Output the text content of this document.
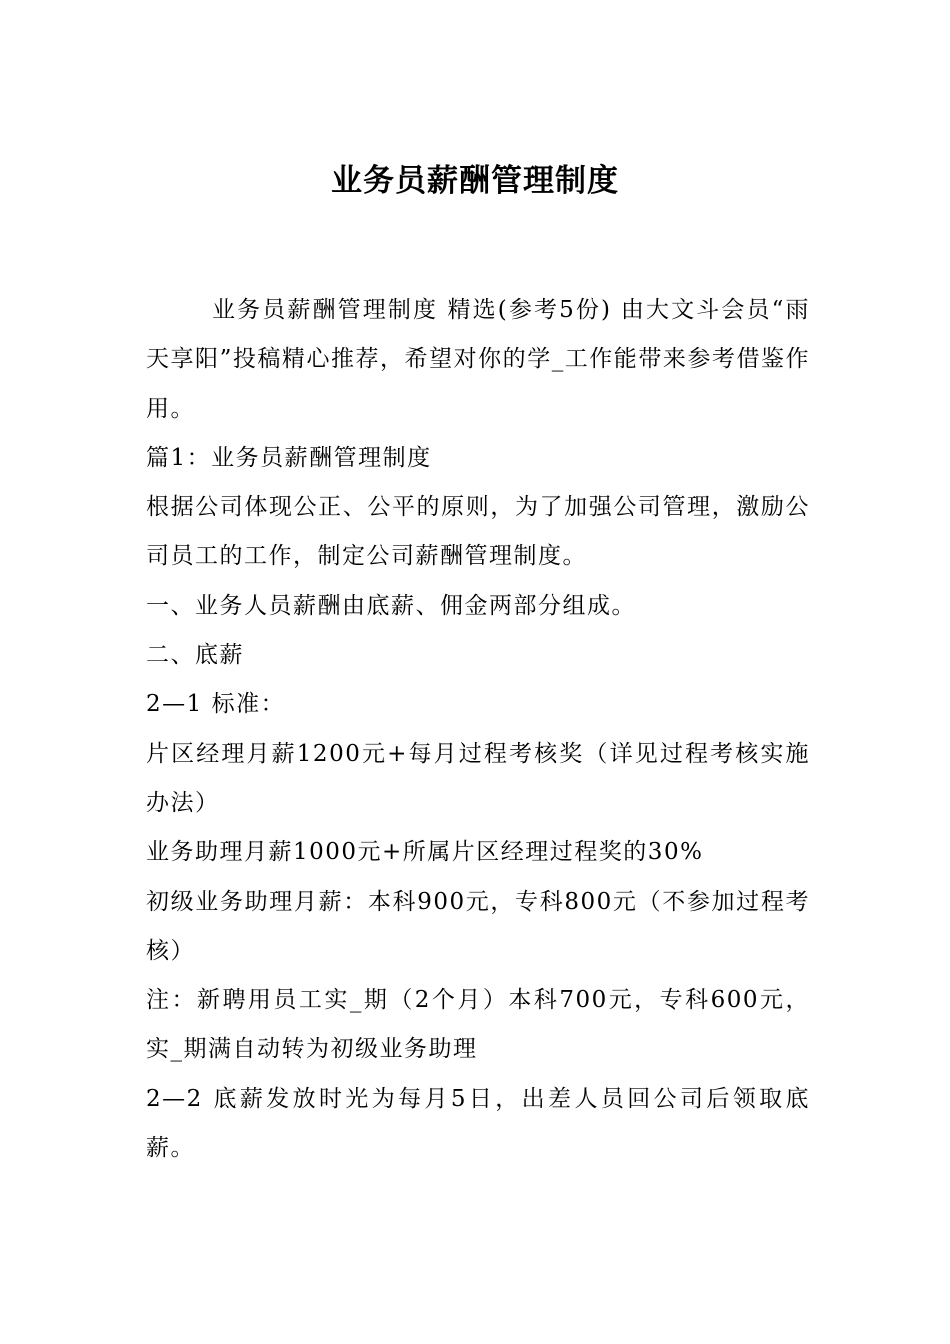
业务员薪酬管理制度

业务员薪酬管理制度 精选(参考5份) 由大文斗会员“雨天享阳”投稿精心推荐，希望对你的学_工作能带来参考借鉴作用。

篇1：业务员薪酬管理制度

根据公司体现公正、公平的原则，为了加强公司管理，激励公司员工的工作，制定公司薪酬管理制度。

一、业务人员薪酬由底薪、佣金两部分组成。

二、底薪

2—1 标准：

片区经理月薪1200元+每月过程考核奖（详见过程考核实施办法）

业务助理月薪1000元+所属片区经理过程奖的30%

初级业务助理月薪：本科900元，专科800元（不参加过程考核）

注：新聘用员工实_期（2个月）本科700元，专科600元，实_期满自动转为初级业务助理

2—2 底薪发放时光为每月5日，出差人员回公司后领取底薪。
